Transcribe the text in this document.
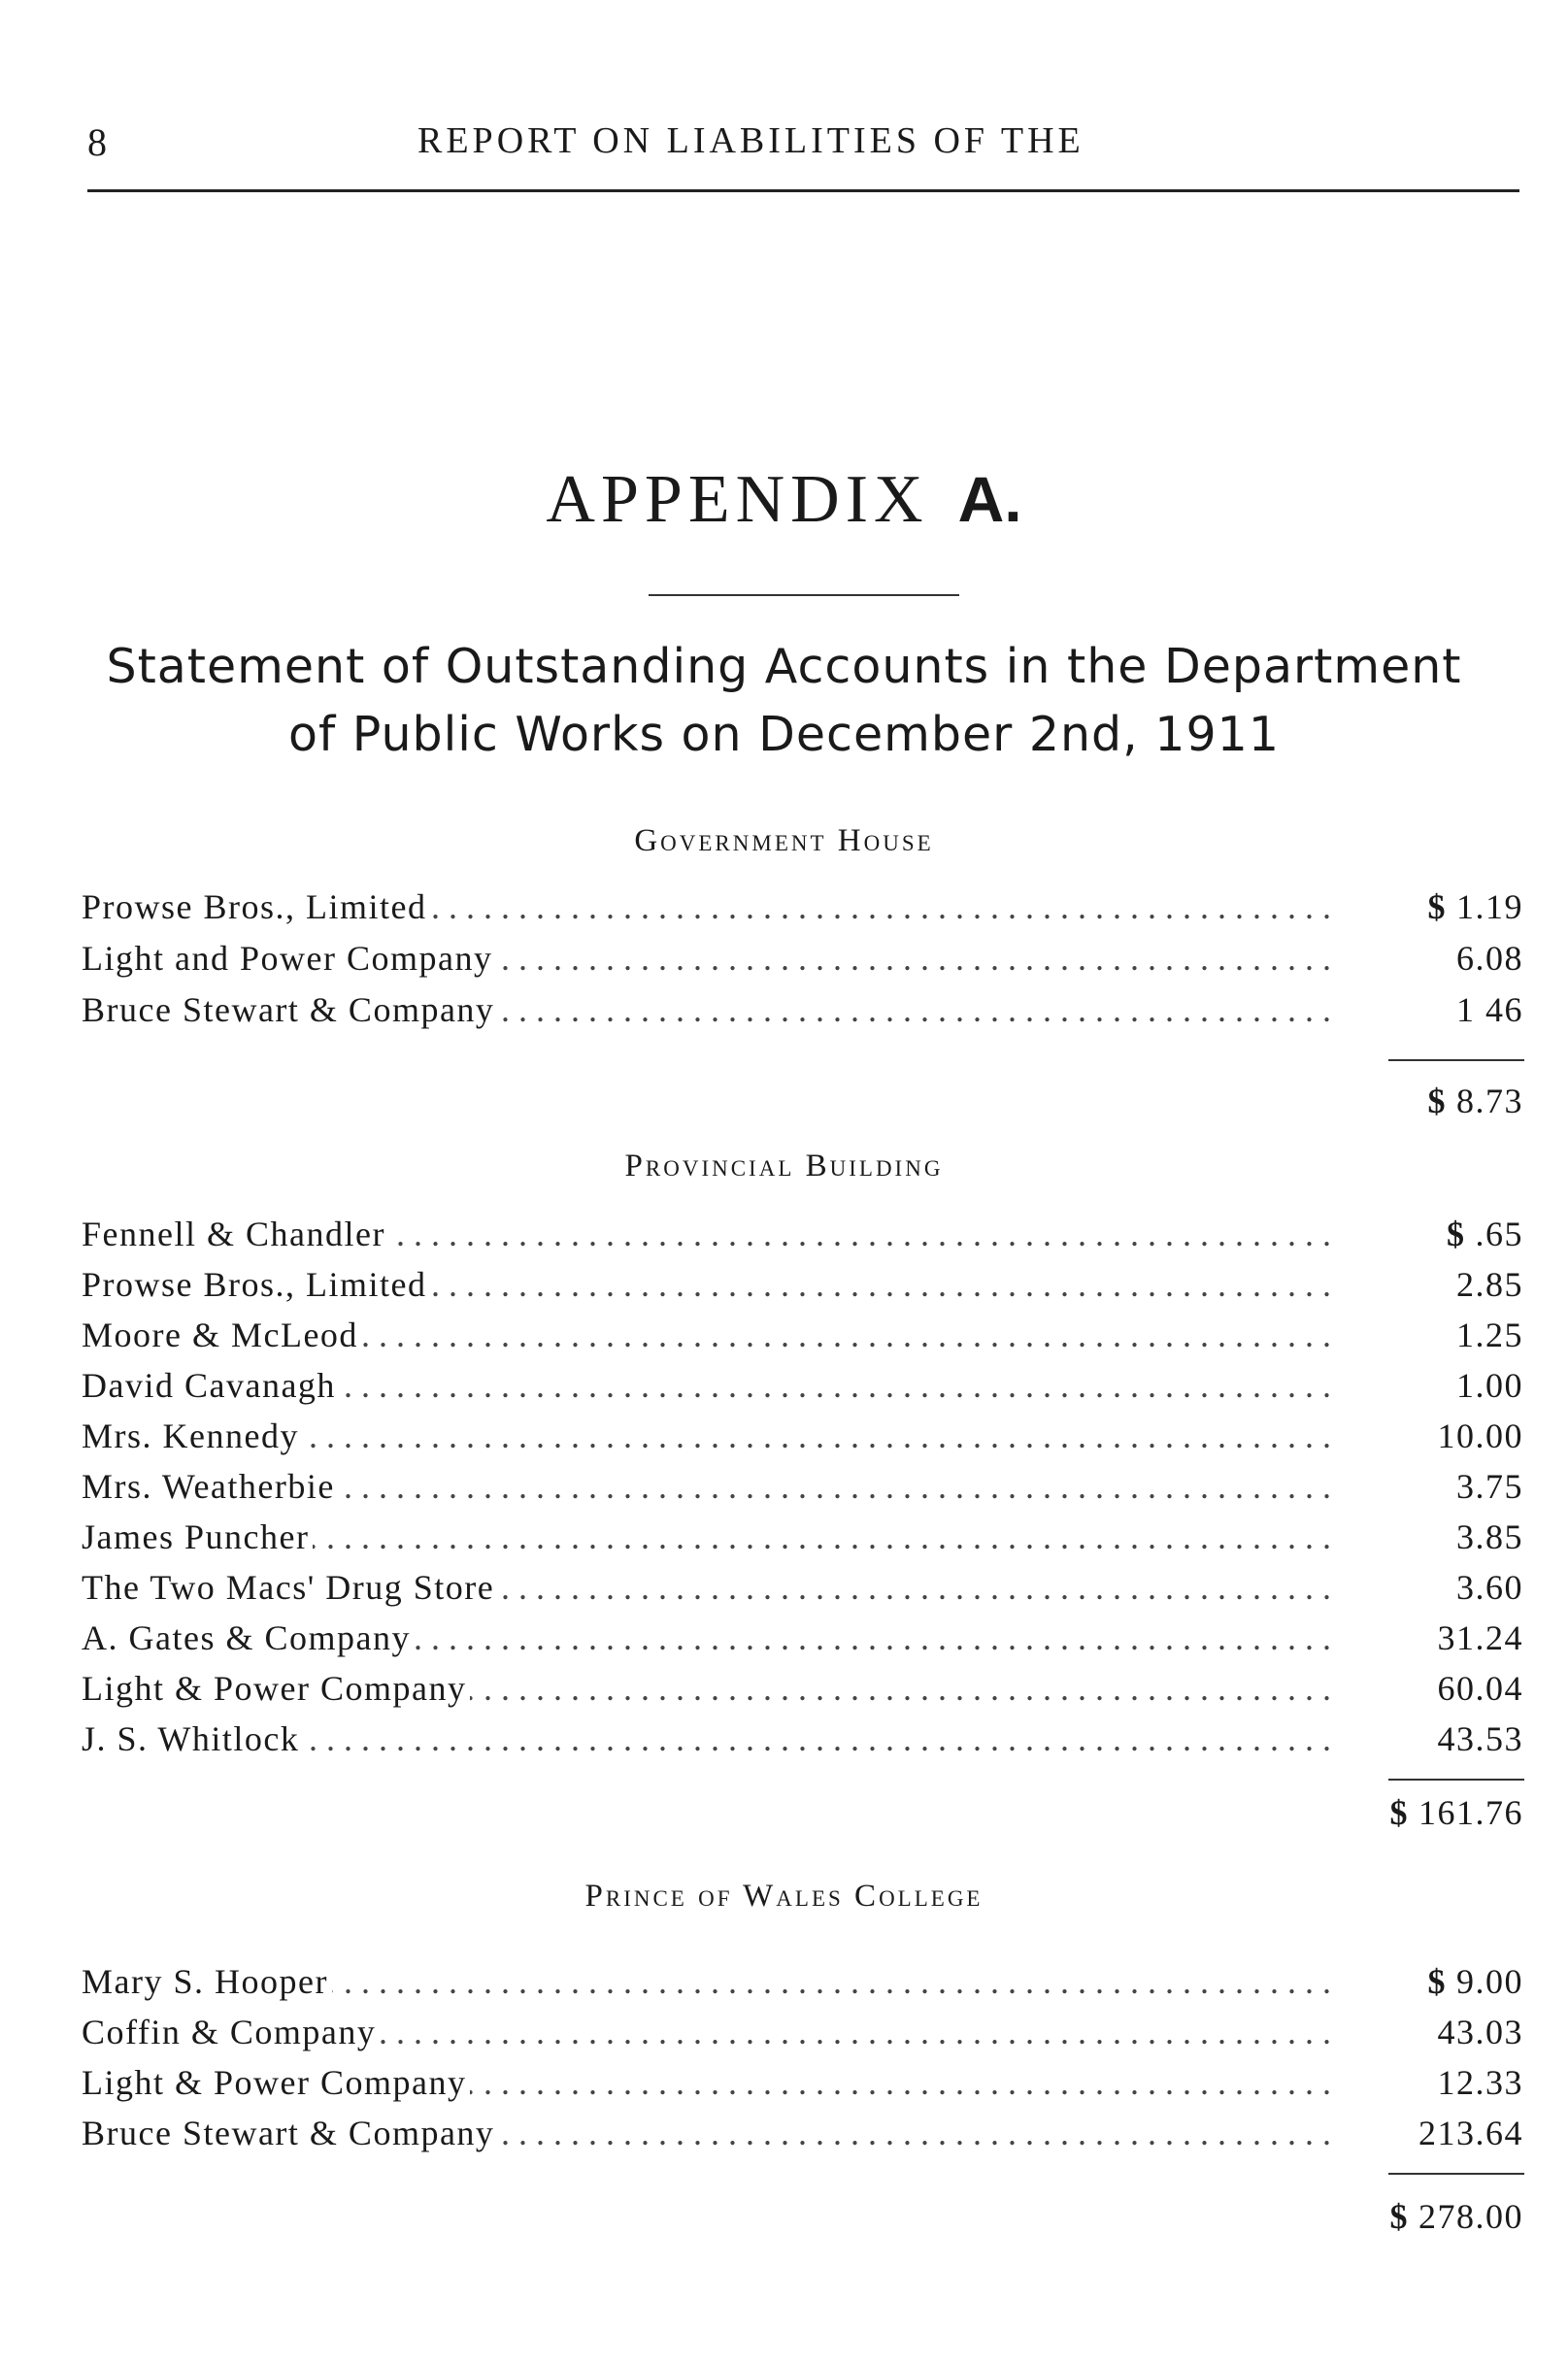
8	REPORT ON LIABILITIES OF THE
APPENDIX A.
Statement of Outstanding Accounts in the Department
of Public Works on December 2nd, 1911
Government House
. . .
Prowse Bros., Limited	$ 1.19
. . .
Light and Power Company	6.08
. . .
Bruce Stewart & Company	1 46
$ 8.73
Provincial Building
. . .
Fennell & Chandler	$ .65
. . .
Prowse Bros., Limited	2.85
. . .
Moore & McLeod	1.25
. . .
David Cavanagh	1.00
. . .
Mrs. Kennedy	10.00
. . .
Mrs. Weatherbie	3.75
. . .
James Puncher	3.85
. . .
The Two Macs' Drug Store	3.60
. . .
A. Gates & Company	31.24
. . .
Light & Power Company	60.04
. . .
J. S. Whitlock	43.53
$ 161.76
Prince of Wales College
. . .
Mary S. Hooper	$ 9.00
. . .
Coffin & Company	43.03
. . .
Light & Power Company	12.33
. . .
Bruce Stewart & Company	213.64
$ 278.00
